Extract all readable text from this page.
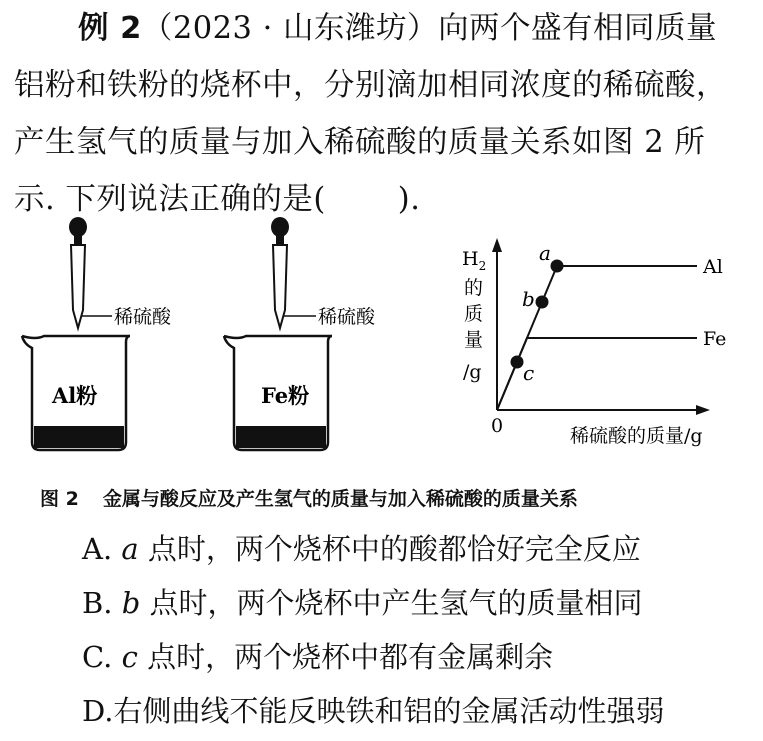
例 2（2023 · 山东潍坊）向两个盛有相同质量
铝粉和铁粉的烧杯中，分别滴加相同浓度的稀硫酸，
产生氢气的质量与加入稀硫酸的质量关系如图 2 所
示. 下列说法正确的是( ).
稀硫酸
Al粉
稀硫酸
Fe粉
$H_2$
的
质
量
/g
0	稀硫酸的质量/g
Al
Fe
a
b
c
图 2 金属与酸反应及产生氢气的质量与加入稀硫酸的质量关系
A. a 点时，两个烧杯中的酸都恰好完全反应
B. b 点时，两个烧杯中产生氢气的质量相同
C. c 点时，两个烧杯中都有金属剩余
D.右侧曲线不能反映铁和铝的金属活动性强弱
